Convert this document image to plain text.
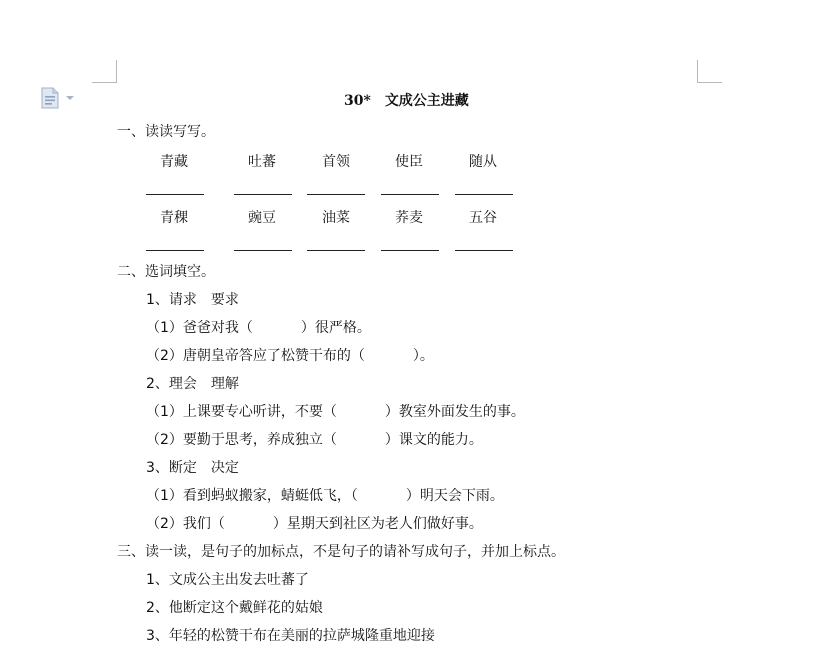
30* 文成公主进藏
一、读读写写。
青藏	吐蕃	首领	使臣	随从
青稞	豌豆	油菜	荞麦	五谷
二、选词填空。
1、请求　要求
（1）爸爸对我（	）很严格。
（2）唐朝皇帝答应了松赞干布的（	）。
2、理会　理解
（1）上课要专心听讲，不要（	）教室外面发生的事。
（2）要勤于思考，养成独立（	）课文的能力。
3、断定　决定
（1）看到蚂蚁搬家，蜻蜓低飞，（	）明天会下雨。
（2）我们（	）星期天到社区为老人们做好事。
三、读一读，是句子的加标点，不是句子的请补写成句子，并加上标点。
1、文成公主出发去吐蕃了
2、他断定这个戴鲜花的姑娘
3、年轻的松赞干布在美丽的拉萨城隆重地迎接
